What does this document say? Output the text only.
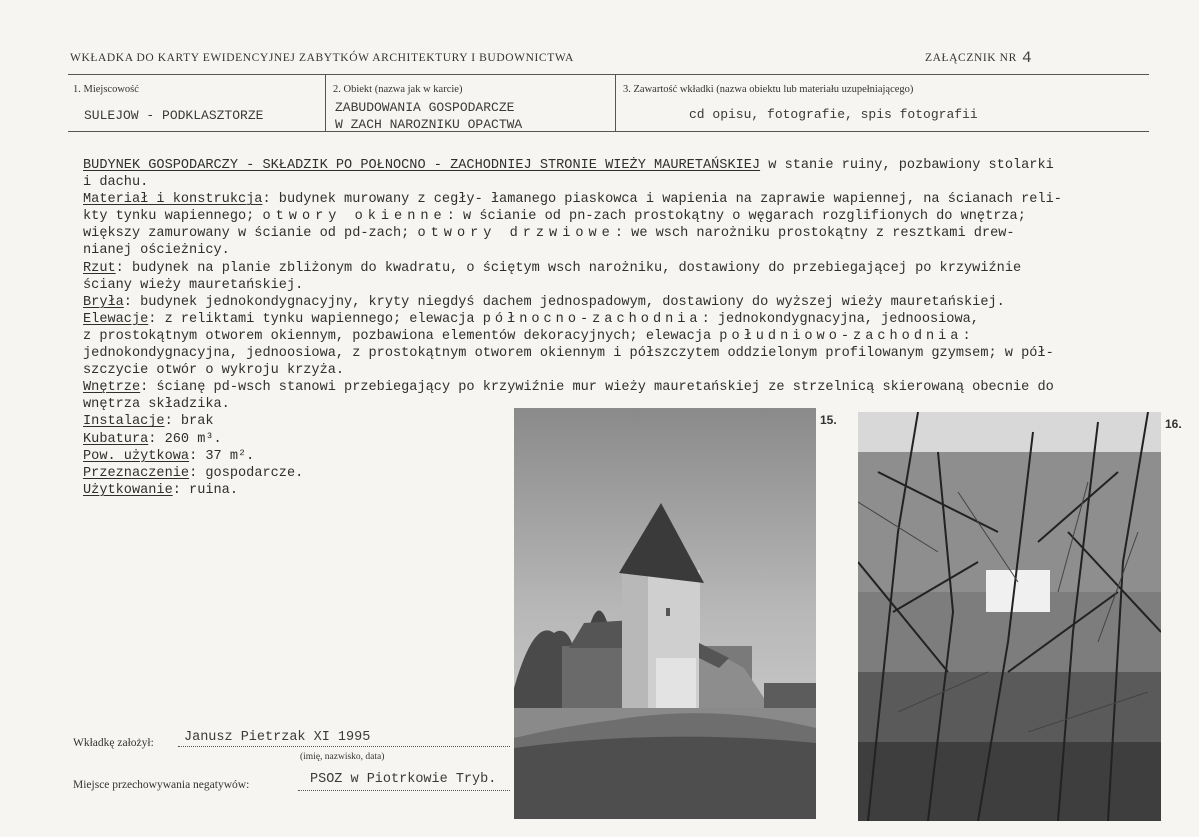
WKŁADKA DO KARTY EWIDENCYJNEJ ZABYTKÓW ARCHITEKTURY I BUDOWNICTWA	ZAŁĄCZNIK NR 4
1. Miejscowość
SULEJOW - PODKLASZTORZE
2. Obiekt (nazwa jak w karcie)
ZABUDOWANIA GOSPODARCZE
W ZACH NAROZNIKU OPACTWA
3. Zawartość wkładki (nazwa obiektu lub materiału uzupełniającego)
cd opisu, fotografie, spis fotografii

BUDYNEK GOSPODARCZY - SKŁADZIK PO POŁNOCNO - ZACHODNIEJ STRONIE WIEŻY MAURETAŃSKIEJ w stanie ruiny, pozbawiony stolarki

i dachu.

Materiał i konstrukcja: budynek murowany z cegły- łamanego piaskowca i wapienia na zaprawie wapiennej, na ścianach reli-

kty tynku wapiennego; otwory okienne: w ścianie od pn-zach prostokątny o węgarach rozglifionych do wnętrza;

większy zamurowany w ścianie od pd-zach; otwory drzwiowe: we wsch narożniku prostokątny z resztkami drew-

nianej ościeżnicy.

Rzut: budynek na planie zbliżonym do kwadratu, o ściętym wsch narożniku, dostawiony do przebiegającej po krzywiźnie

ściany wieży mauretańskiej.

Bryła: budynek jednokondygnacyjny, kryty niegdyś dachem jednospadowym, dostawiony do wyższej wieży mauretańskiej.

Elewacje: z reliktami tynku wapiennego; elewacja północno-zachodnia: jednokondygnacyjna, jednoosiowa,

z prostokątnym otworem okiennym, pozbawiona elementów dekoracyjnych; elewacja południowo-zachodnia:

jednokondygnacyjna, jednoosiowa, z prostokątnym otworem okiennym i półszczytem oddzielonym profilowanym gzymsem; w pół-

szczycie otwór o wykroju krzyża.

Wnętrze: ścianę pd-wsch stanowi przebiegający po krzywiźnie mur wieży mauretańskiej ze strzelnicą skierowaną obecnie do

wnętrza składzika.

Instalacje: brak

Kubatura: 260 m³.

Pow. użytkowa: 37 m².

Przeznaczenie: gospodarcze.

Użytkowanie: ruina.

15.	16.
Wkładkę założył: Janusz Pietrzak XI 1995
(imię, nazwisko, data)
Miejsce przechowywania negatywów:	PSOZ w Piotrkowie Tryb.
